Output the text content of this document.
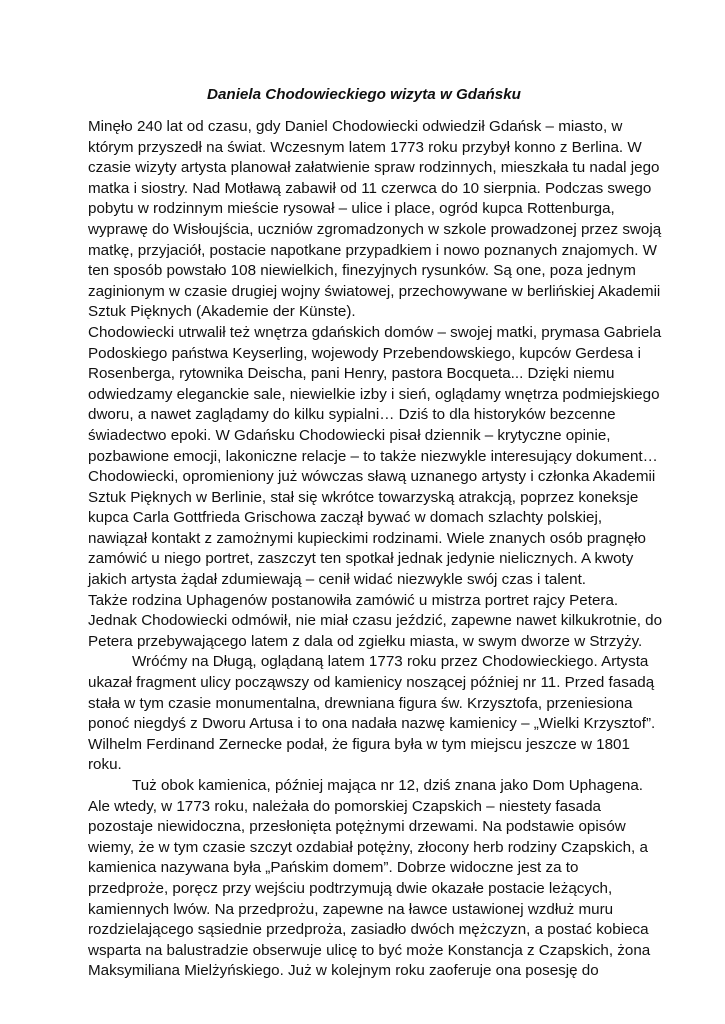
Daniela Chodowieckiego wizyta w Gdańsku
Minęło 240 lat od czasu, gdy Daniel Chodowiecki odwiedził Gdańsk – miasto, w
którym przyszedł na świat. Wczesnym latem 1773 roku przybył konno z Berlina. W
czasie wizyty artysta planował załatwienie spraw rodzinnych, mieszkała tu nadal jego
matka i siostry. Nad Motławą zabawił od 11 czerwca do 10 sierpnia. Podczas swego
pobytu w rodzinnym mieście rysował – ulice i place, ogród kupca Rottenburga,
wyprawę do Wisłoujścia, uczniów zgromadzonych w szkole prowadzonej przez swoją
matkę, przyjaciół, postacie napotkane przypadkiem i nowo poznanych znajomych. W
ten sposób powstało 108 niewielkich, finezyjnych rysunków. Są one, poza jednym
zaginionym w czasie drugiej wojny światowej, przechowywane w berlińskiej Akademii
Sztuk Pięknych (Akademie der Künste).
Chodowiecki utrwalił też wnętrza gdańskich domów – swojej matki, prymasa Gabriela
Podoskiego państwa Keyserling, wojewody Przebendowskiego, kupców Gerdesa i
Rosenberga, rytownika Deischa, pani Henry, pastora Bocqueta... Dzięki niemu
odwiedzamy eleganckie sale, niewielkie izby i sień, oglądamy wnętrza podmiejskiego
dworu, a nawet zaglądamy do kilku sypialni… Dziś to dla historyków bezcenne
świadectwo epoki. W Gdańsku Chodowiecki pisał dziennik – krytyczne opinie,
pozbawione emocji, lakoniczne relacje – to także niezwykle interesujący dokument…
Chodowiecki, opromieniony już wówczas sławą uznanego artysty i członka Akademii
Sztuk Pięknych w Berlinie, stał się wkrótce towarzyską atrakcją, poprzez koneksje
kupca Carla Gottfrieda Grischowa zaczął bywać w domach szlachty polskiej,
nawiązał kontakt z zamożnymi kupieckimi rodzinami. Wiele znanych osób pragnęło
zamówić u niego portret, zaszczyt ten spotkał jednak jedynie nielicznych. A kwoty
jakich artysta żądał zdumiewają – cenił widać niezwykle swój czas i talent.
Także rodzina Uphagenów postanowiła zamówić u mistrza portret rajcy Petera.
Jednak Chodowiecki odmówił, nie miał czasu jeździć, zapewne nawet kilkukrotnie, do
Petera przebywającego latem z dala od zgiełku miasta, w swym dworze w Strzyży.
Wróćmy na Długą, oglądaną latem 1773 roku przez Chodowieckiego. Artysta
ukazał fragment ulicy począwszy od kamienicy noszącej później nr 11. Przed fasadą
stała w tym czasie monumentalna, drewniana figura św. Krzysztofa, przeniesiona
ponoć niegdyś z Dworu Artusa i to ona nadała nazwę kamienicy – „Wielki Krzysztof”.
Wilhelm Ferdinand Zernecke podał, że figura była w tym miejscu jeszcze w 1801
roku.
Tuż obok kamienica, później mająca nr 12, dziś znana jako Dom Uphagena.
Ale wtedy, w 1773 roku, należała do pomorskiej Czapskich – niestety fasada
pozostaje niewidoczna, przesłonięta potężnymi drzewami. Na podstawie opisów
wiemy, że w tym czasie szczyt ozdabiał potężny, złocony herb rodziny Czapskich, a
kamienica nazywana była „Pańskim domem”. Dobrze widoczne jest za to
przedproże, poręcz przy wejściu podtrzymują dwie okazałe postacie leżących,
kamiennych lwów. Na przedprożu, zapewne na ławce ustawionej wzdłuż muru
rozdzielającego sąsiednie przedproża, zasiadło dwóch mężczyzn, a postać kobieca
wsparta na balustradzie obserwuje ulicę to być może Konstancja z Czapskich, żona
Maksymiliana Mielżyńskiego. Już w kolejnym roku zaoferuje ona posesję do
